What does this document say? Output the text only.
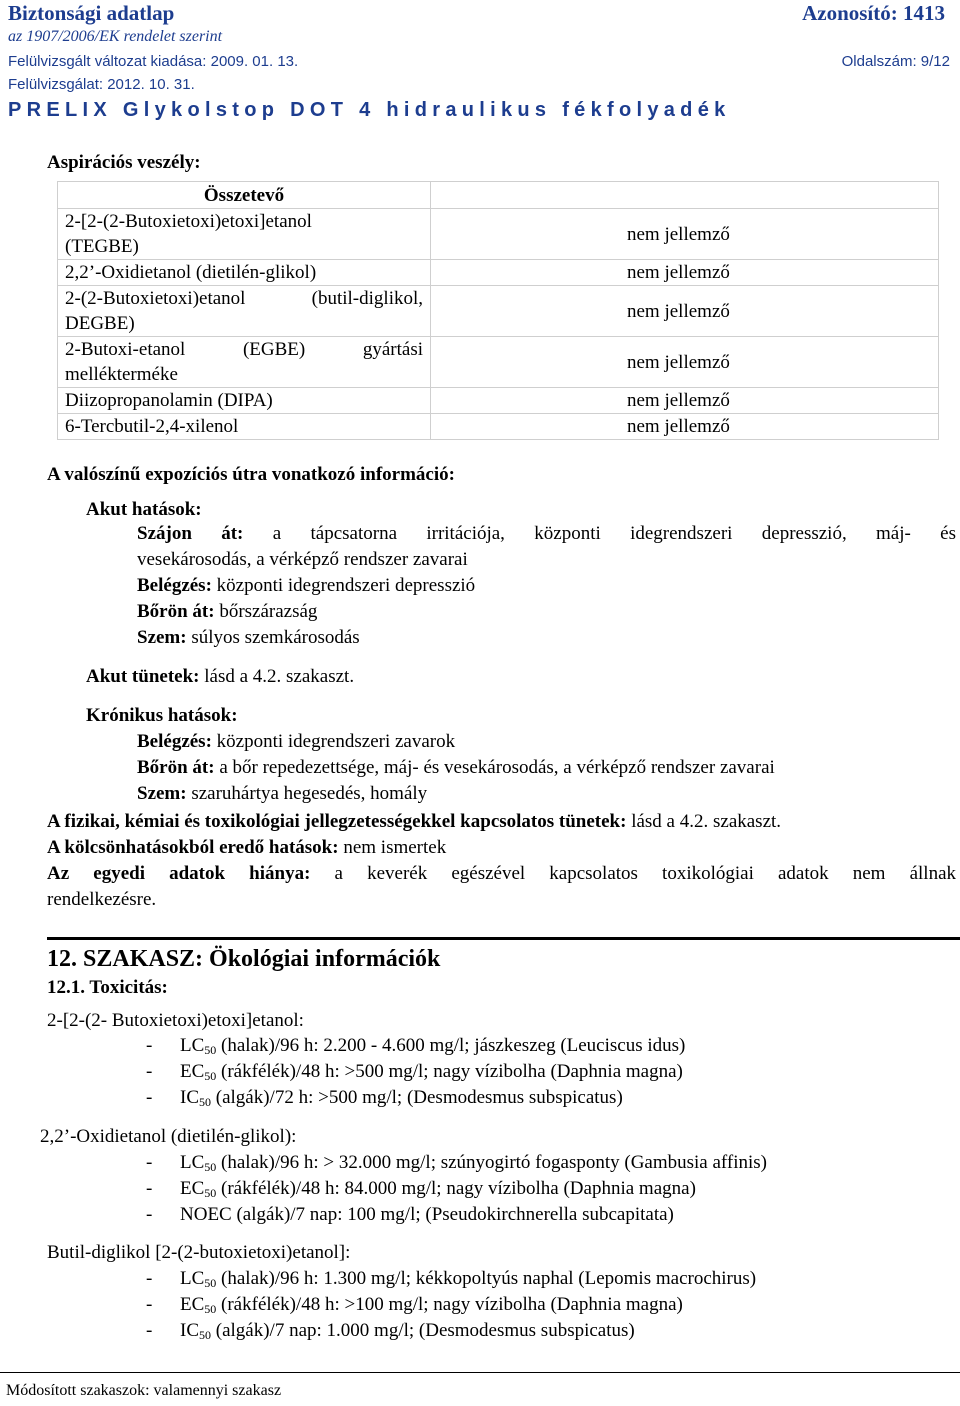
Biztonsági adatlap	Azonosító: 1413
az 1907/2006/EK rendelet szerint
Felülvizsgált változat kiadása: 2009. 01. 13.	Oldalszám: 9/12
Felülvizsgálat: 2012. 10. 31.
PRELIX Glykolstop DOT 4 hidraulikus fékfolyadék
Aspirációs veszély:
Összetevő	

2-[2-(2-Butoxietoxi)etoxi]etanol
(TEGBE)	nem jellemző
2,2’-Oxidietanol (dietilén-glikol)	nem jellemző

2-(2-Butoxietoxi)etanol (butil-diglikol,
DEGBE)	nem jellemző

2-Butoxi-etanol (EGBE) gyártási
mellékterméke	nem jellemző
Diizopropanolamin (DIPA)	nem jellemző
6-Tercbutil-2,4-xilenol	nem jellemző
A valószínű expozíciós útra vonatkozó információ:
Akut hatások:
Szájon át: a tápcsatorna irritációja, központi idegrendszeri depresszió, máj- és
vesekárosodás, a vérképző rendszer zavarai
Belégzés: központi idegrendszeri depresszió
Bőrön át: bőrszárazság
Szem: súlyos szemkárosodás
Akut tünetek: lásd a 4.2. szakaszt.
Krónikus hatások:
Belégzés: központi idegrendszeri zavarok
Bőrön át: a bőr repedezettsége, máj- és vesekárosodás, a vérképző rendszer zavarai
Szem: szaruhártya hegesedés, homály
A fizikai, kémiai és toxikológiai jellegzetességekkel kapcsolatos tünetek: lásd a 4.2. szakaszt.
A kölcsönhatásokból eredő hatások: nem ismertek
Az egyedi adatok hiánya: a keverék egészével kapcsolatos toxikológiai adatok nem állnak
rendelkezésre.
12. SZAKASZ: Ökológiai információk
12.1. Toxicitás:
2-[2-(2- Butoxietoxi)etoxi]etanol:
- $LC_{50}$ (halak)/96 h: 2.200 - 4.600 mg/l; jászkeszeg (Leuciscus idus)
- $EC_{50}$ (rákfélék)/48 h: >500 mg/l; nagy vízibolha (Daphnia magna)
- $IC_{50}$ (algák)/72 h: >500 mg/l; (Desmodesmus subspicatus)
2,2’-Oxidietanol (dietilén-glikol):
- $LC_{50}$ (halak)/96 h: > 32.000 mg/l; szúnyogirtó fogasponty (Gambusia affinis)
- $EC_{50}$ (rákfélék)/48 h: 84.000 mg/l; nagy vízibolha (Daphnia magna)
- NOEC (algák)/7 nap: 100 mg/l; (Pseudokirchnerella subcapitata)
Butil-diglikol [2-(2-butoxietoxi)etanol]:
- $LC_{50}$ (halak)/96 h: 1.300 mg/l; kékkopoltyús naphal (Lepomis macrochirus)
- $EC_{50}$ (rákfélék)/48 h: >100 mg/l; nagy vízibolha (Daphnia magna)
- $IC_{50}$ (algák)/7 nap: 1.000 mg/l; (Desmodesmus subspicatus)
Módosított szakaszok: valamennyi szakasz
